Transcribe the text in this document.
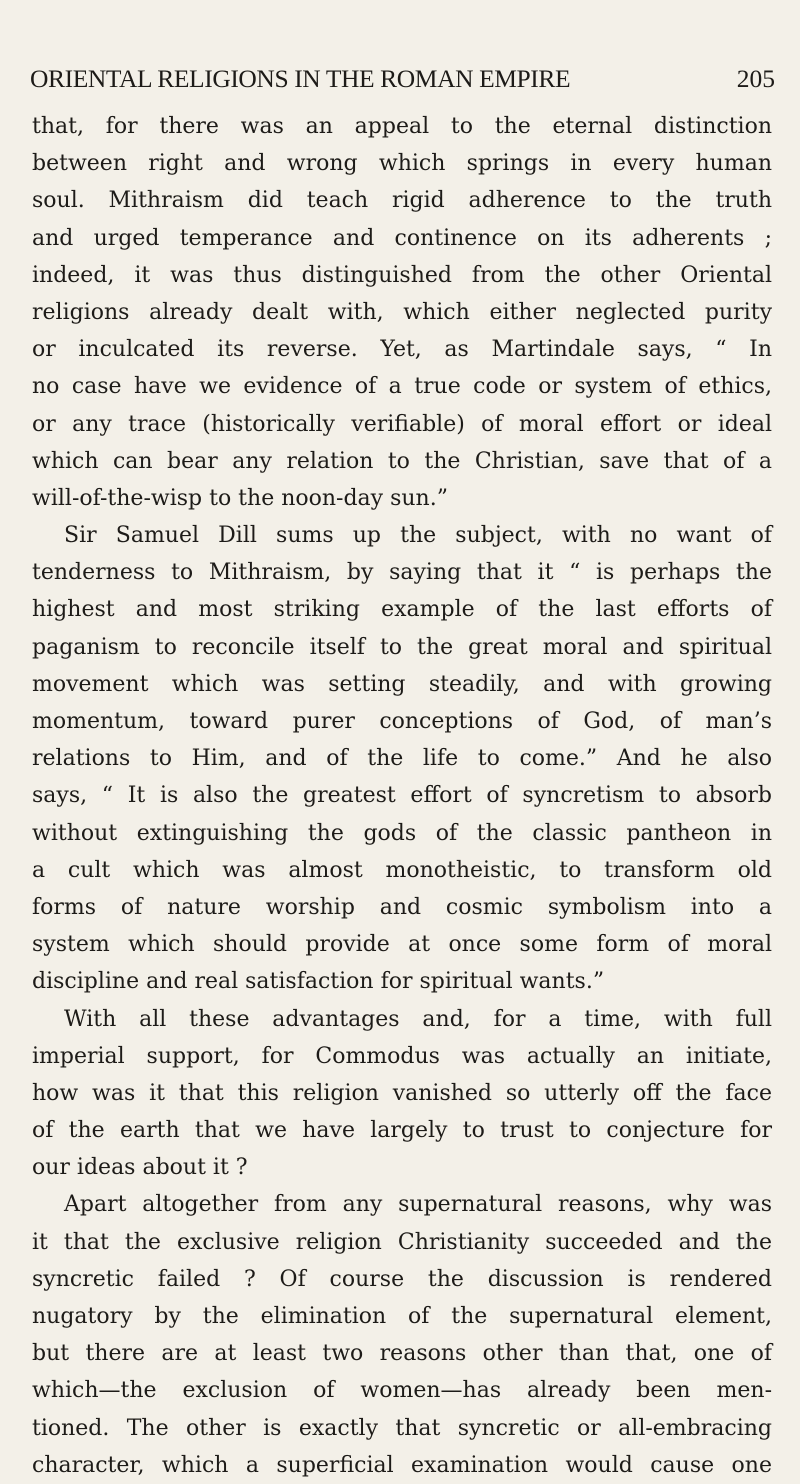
ORIENTAL RELIGIONS IN THE ROMAN EMPIRE	205
that, for there was an appeal to the eternal distinction
between right and wrong which springs in every human
soul. Mithraism did teach rigid adherence to the truth
and urged temperance and continence on its adherents ;
indeed, it was thus distinguished from the other Oriental
religions already dealt with, which either neglected purity
or inculcated its reverse. Yet, as Martindale says, “ In
no case have we evidence of a true code or system of ethics,
or any trace (historically verifiable) of moral effort or ideal
which can bear any relation to the Christian, save that of a
will-of-the-wisp to the noon-day sun.”
Sir Samuel Dill sums up the subject, with no want of
tenderness to Mithraism, by saying that it “ is perhaps the
highest and most striking example of the last efforts of
paganism to reconcile itself to the great moral and spiritual
movement which was setting steadily, and with growing
momentum, toward purer conceptions of God, of man’s
relations to Him, and of the life to come.” And he also
says, “ It is also the greatest effort of syncretism to absorb
without extinguishing the gods of the classic pantheon in
a cult which was almost monotheistic, to transform old
forms of nature worship and cosmic symbolism into a
system which should provide at once some form of moral
discipline and real satisfaction for spiritual wants.”
With all these advantages and, for a time, with full
imperial support, for Commodus was actually an initiate,
how was it that this religion vanished so utterly off the face
of the earth that we have largely to trust to conjecture for
our ideas about it ?
Apart altogether from any supernatural reasons, why was
it that the exclusive religion Christianity succeeded and the
syncretic failed ? Of course the discussion is rendered
nugatory by the elimination of the supernatural element,
but there are at least two reasons other than that, one of
which—the exclusion of women—has already been men-
tioned. The other is exactly that syncretic or all-embracing
character, which a superficial examination would cause one
